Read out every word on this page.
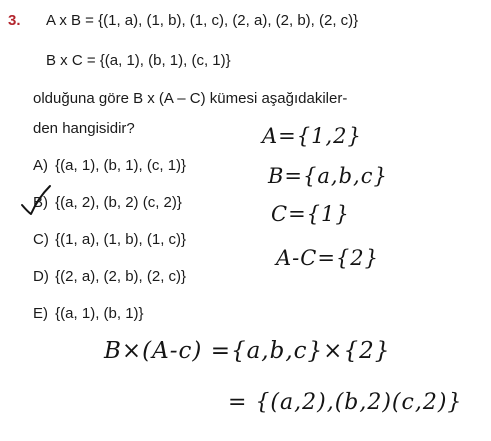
3. A x B = {(1, a), (1, b), (1, c), (2, a), (2, b), (2, c)}
B x C = {(a, 1), (b, 1), (c, 1)}
olduğuna göre B x (A – C) kümesi aşağıdakiler-
den hangisidir?
A) {(a, 1), (b, 1), (c, 1)}
B) {(a, 2), (b, 2) (c, 2)}
C) {(1, a), (1, b), (1, c)}
D) {(2, a), (2, b), (2, c)}
E) {(a, 1), (b, 1)}
A={1,2}
B={a,b,c}
C={1}
A-C={2}
B×(A-c) ={a,b,c}×{2}
= {(a,2),(b,2)(c,2)}
